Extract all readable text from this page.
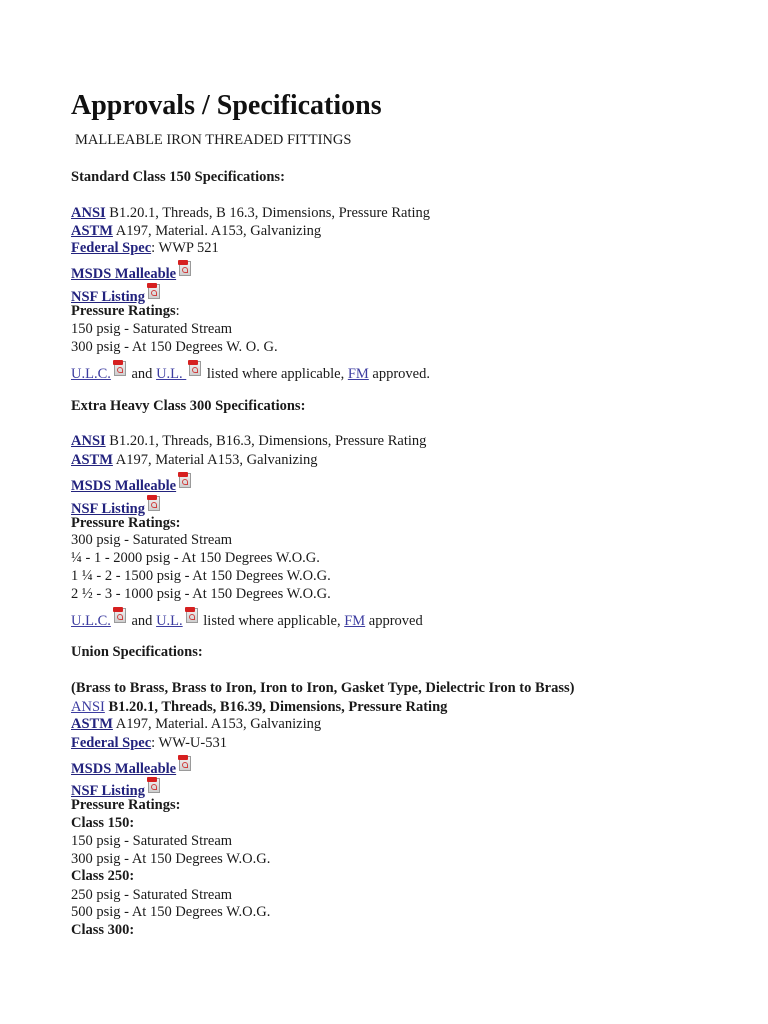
Approvals / Specifications
MALLEABLE IRON THREADED FITTINGS
Standard Class 150 Specifications:
ANSI B1.20.1, Threads, B 16.3, Dimensions, Pressure Rating
ASTM A197, Material. A153, Galvanizing
Federal Spec: WWP 521
MSDS Malleable
NSF Listing
Pressure Ratings:
150 psig - Saturated Stream
300 psig - At 150 Degrees W. O. G.
U.L.C. and U.L.  listed where applicable, FM approved.
Extra Heavy Class 300 Specifications:
ANSI B1.20.1, Threads, B16.3, Dimensions, Pressure Rating
ASTM A197, Material A153, Galvanizing
MSDS Malleable
NSF Listing
Pressure Ratings:
300 psig - Saturated Stream
¼ - 1 - 2000 psig - At 150 Degrees W.O.G.
1 ¼ - 2 - 1500 psig - At 150 Degrees W.O.G.
2 ½ - 3 - 1000 psig - At 150 Degrees W.O.G.
U.L.C. and U.L. listed where applicable, FM approved
Union Specifications:
(Brass to Brass, Brass to Iron, Iron to Iron, Gasket Type, Dielectric Iron to Brass)
ANSI B1.20.1, Threads, B16.39, Dimensions, Pressure Rating
ASTM A197, Material. A153, Galvanizing
Federal Spec: WW-U-531
MSDS Malleable
NSF Listing
Pressure Ratings:
Class 150:
150 psig - Saturated Stream
300 psig - At 150 Degrees W.O.G.
Class 250:
250 psig - Saturated Stream
500 psig - At 150 Degrees W.O.G.
Class 300:
